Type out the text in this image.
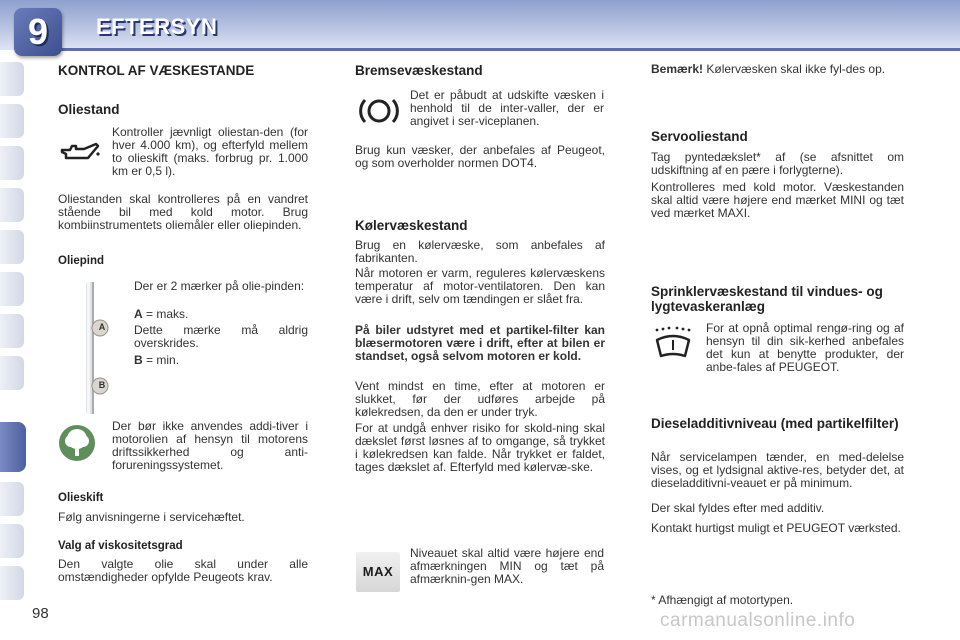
9	EFTERSYN
KONTROL AF VÆSKESTANDE
Oliestand

Kontroller jævnligt oliestan-den (for hver 4.000 km), og efterfyld mellem to olieskift (maks. forbrug pr. 1.000 km er 0,5 l).

Oliestanden skal kontrolleres på en vandret stående bil med kold motor. Brug kombiinstrumentets oliemåler eller oliepinden.

Oliepind
A
B

Der er 2 mærker på olie-pinden:

A = maks.

Dette mærke må aldrig overskrides.

B = min.

Der bør ikke anvendes addi-tiver i motorolien af hensyn til motorens driftssikkerhed og anti-forureningssystemet.

Olieskift

Følg anvisningerne i servicehæftet.

Valg af viskositetsgrad

Den valgte olie skal under alle omstændigheder opfylde Peugeots krav.

Bremsevæskestand

Det er påbudt at udskifte væsken i henhold til de inter-valler, der er angivet i ser-viceplanen.

Brug kun væsker, der anbefales af Peugeot, og som overholder normen DOT4.

Kølervæskestand

Brug en kølervæske, som anbefales af fabrikanten.

Når motoren er varm, reguleres kølervæskens temperatur af motor-ventilatoren. Den kan være i drift, selv om tændingen er slået fra.

På biler udstyret med et partikel-filter kan blæsermotoren være i drift, efter at bilen er standset, også selvom motoren er kold.

Vent mindst en time, efter at motoren er slukket, før der udføres arbejde på kølekredsen, da den er under tryk.

For at undgå enhver risiko for skold-ning skal dækslet først løsnes af to omgange, så trykket i kølekredsen kan falde. Når trykket er faldet, tages dækslet af. Efterfyld med kølervæ-ske.

MAX

Niveauet skal altid være højere end afmærkningen MIN og tæt på afmærknin-gen MAX.

Bemærk! Kølervæsken skal ikke fyl-des op.

Servooliestand

Tag pyntedækslet* af (se afsnittet om udskiftning af en pære i forlygterne).

Kontrolleres med kold motor. Væskestanden skal altid være højere end mærket MINI og tæt ved mærket MAXI.

Sprinklervæskestand til vindues- og lygtevaskeranlæg

For at opnå optimal rengø-ring og af hensyn til din sik-kerhed anbefales det kun at benytte produkter, der anbe-fales af PEUGEOT.

Dieseladditivniveau (med partikelfilter)

Når servicelampen tænder, en med-delelse vises, og et lydsignal aktive-res, betyder det, at dieseladditivni-veauet er på minimum.

Der skal fyldes efter med additiv.

Kontakt hurtigst muligt et PEUGEOT værksted.

* Afhængigt af motortypen.

98	carmanualsonline.info
